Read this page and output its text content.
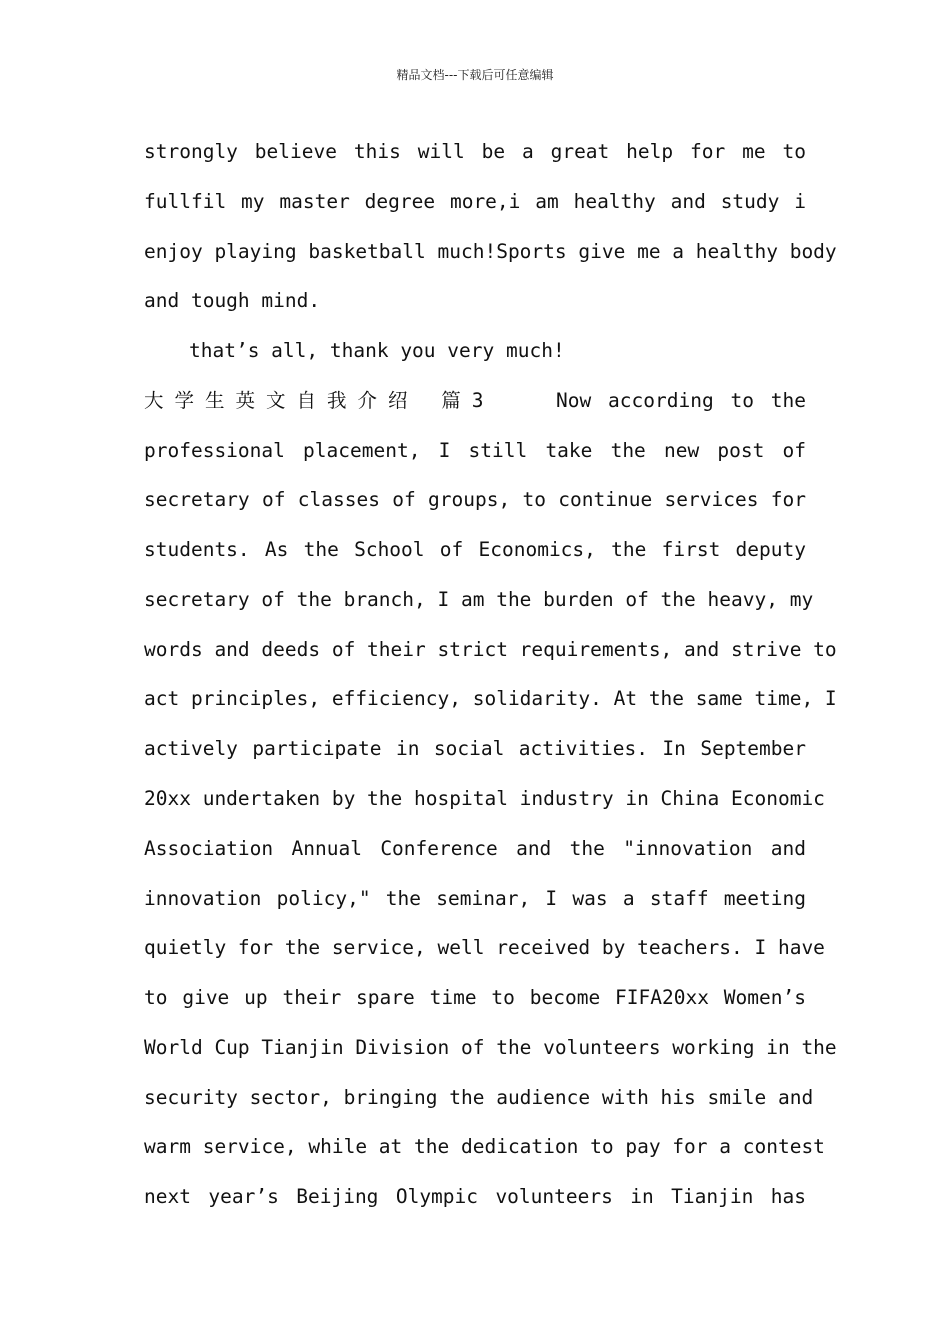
精品文档---下载后可任意编辑
strongly believe this will be a great help for me to
fullfil my master degree more,i am healthy and study i
enjoy playing basketball much!Sports give me a healthy body
and tough mind.
that’s all, thank you very much!
大学生英文自我介绍 篇3	Now according to the
professional placement, I still take the new post of
secretary of classes of groups, to continue services for
students. As the School of Economics, the first deputy
secretary of the branch, I am the burden of the heavy, my
words and deeds of their strict requirements, and strive to
act principles, efficiency, solidarity. At the same time, I
actively participate in social activities. In September
20xx undertaken by the hospital industry in China Economic
Association Annual Conference and the "innovation and
innovation policy," the seminar, I was a staff meeting
quietly for the service, well received by teachers. I have
to give up their spare time to become FIFA20xx Women’s
World Cup Tianjin Division of the volunteers working in the
security sector, bringing the audience with his smile and
warm service, while at the dedication to pay for a contest
next year’s Beijing Olympic volunteers in Tianjin has
